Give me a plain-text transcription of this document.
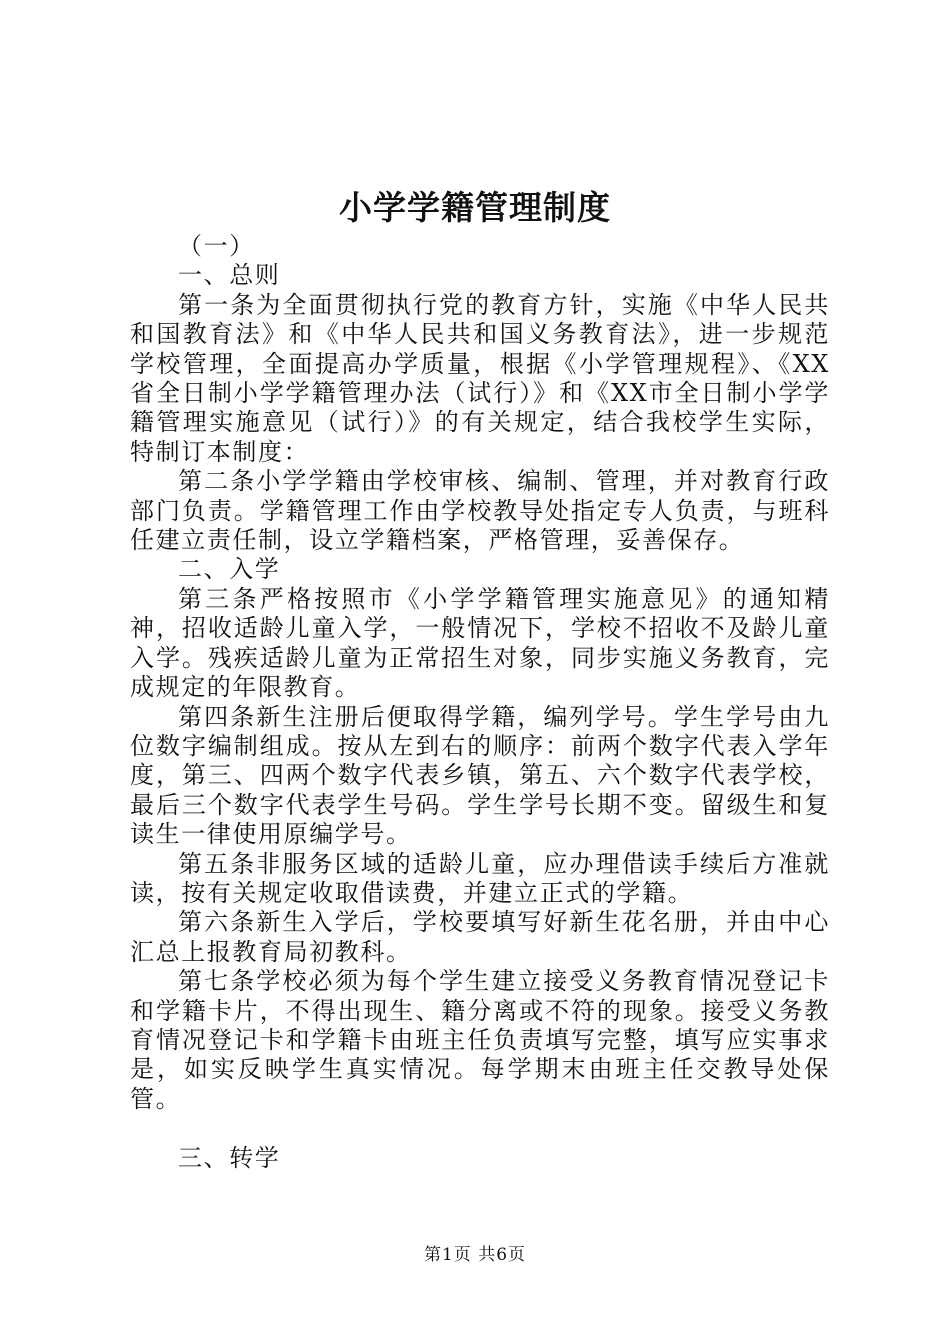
小学学籍管理制度

（一）

一、总则

第一条为全面贯彻执行党的教育方针，实施《中华人民共和国教育法》和《中华人民共和国义务教育法》，进一步规范学校管理，全面提高办学质量，根据《小学管理规程》、《XX省全日制小学学籍管理办法（试行）》和《XX市全日制小学学籍管理实施意见（试行）》的有关规定，结合我校学生实际，特制订本制度：

第二条小学学籍由学校审核、编制、管理，并对教育行政部门负责。学籍管理工作由学校教导处指定专人负责，与班科任建立责任制，设立学籍档案，严格管理，妥善保存。

二、入学

第三条严格按照市《小学学籍管理实施意见》的通知精神，招收适龄儿童入学，一般情况下，学校不招收不及龄儿童入学。残疾适龄儿童为正常招生对象，同步实施义务教育，完成规定的年限教育。

第四条新生注册后便取得学籍，编列学号。学生学号由九位数字编制组成。按从左到右的顺序：前两个数字代表入学年度，第三、四两个数字代表乡镇，第五、六个数字代表学校，最后三个数字代表学生号码。学生学号长期不变。留级生和复读生一律使用原编学号。

第五条非服务区域的适龄儿童，应办理借读手续后方准就读，按有关规定收取借读费，并建立正式的学籍。

第六条新生入学后，学校要填写好新生花名册，并由中心汇总上报教育局初教科。

第七条学校必须为每个学生建立接受义务教育情况登记卡和学籍卡片，不得出现生、籍分离或不符的现象。接受义务教育情况登记卡和学籍卡由班主任负责填写完整，填写应实事求是，如实反映学生真实情况。每学期末由班主任交教导处保管。

三、转学

第1页 共6页
